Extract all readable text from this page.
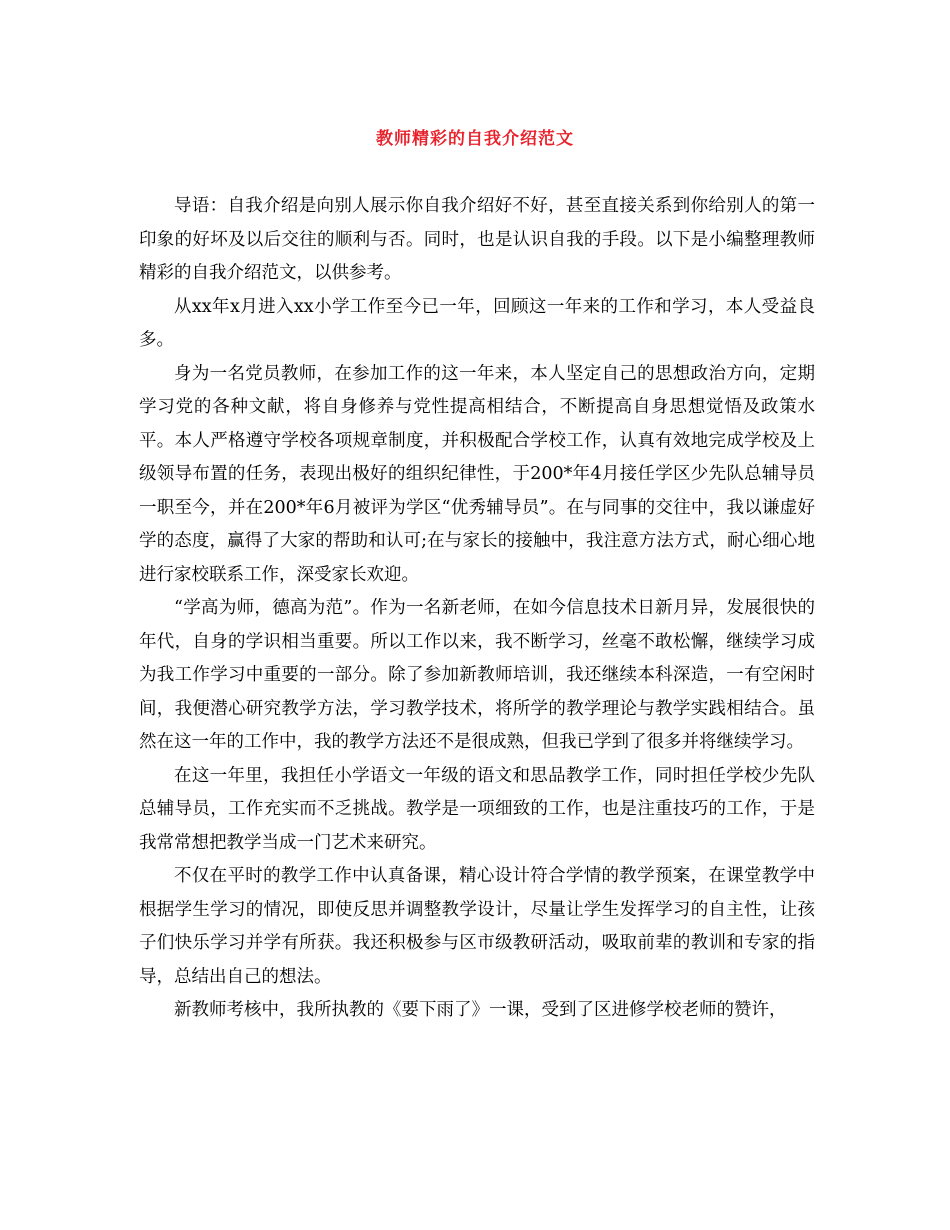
教师精彩的自我介绍范文

导语：自我介绍是向别人展示你自我介绍好不好，甚至直接关系到你给别人的第一印象的好坏及以后交往的顺利与否。同时，也是认识自我的手段。以下是小编整理教师精彩的自我介绍范文，以供参考。

从xx年x月进入xx小学工作至今已一年，回顾这一年来的工作和学习，本人受益良多。

身为一名党员教师，在参加工作的这一年来，本人坚定自己的思想政治方向，定期学习党的各种文献，将自身修养与党性提高相结合，不断提高自身思想觉悟及政策水平。本人严格遵守学校各项规章制度，并积极配合学校工作，认真有效地完成学校及上级领导布置的任务，表现出极好的组织纪律性，于200*年4月接任学区少先队总辅导员一职至今，并在200*年6月被评为学区“优秀辅导员”。在与同事的交往中，我以谦虚好学的态度，赢得了大家的帮助和认可;在与家长的接触中，我注意方法方式，耐心细心地进行家校联系工作，深受家长欢迎。

“学高为师，德高为范”。作为一名新老师，在如今信息技术日新月异，发展很快的年代，自身的学识相当重要。所以工作以来，我不断学习，丝毫不敢松懈，继续学习成为我工作学习中重要的一部分。除了参加新教师培训，我还继续本科深造，一有空闲时间，我便潜心研究教学方法，学习教学技术，将所学的教学理论与教学实践相结合。虽然在这一年的工作中，我的教学方法还不是很成熟，但我已学到了很多并将继续学习。

在这一年里，我担任小学语文一年级的语文和思品教学工作，同时担任学校少先队总辅导员，工作充实而不乏挑战。教学是一项细致的工作，也是注重技巧的工作，于是我常常想把教学当成一门艺术来研究。

不仅在平时的教学工作中认真备课，精心设计符合学情的教学预案，在课堂教学中根据学生学习的情况，即使反思并调整教学设计，尽量让学生发挥学习的自主性，让孩子们快乐学习并学有所获。我还积极参与区市级教研活动，吸取前辈的教训和专家的指导，总结出自己的想法。

新教师考核中，我所执教的《要下雨了》一课，受到了区进修学校老师的赞许，
